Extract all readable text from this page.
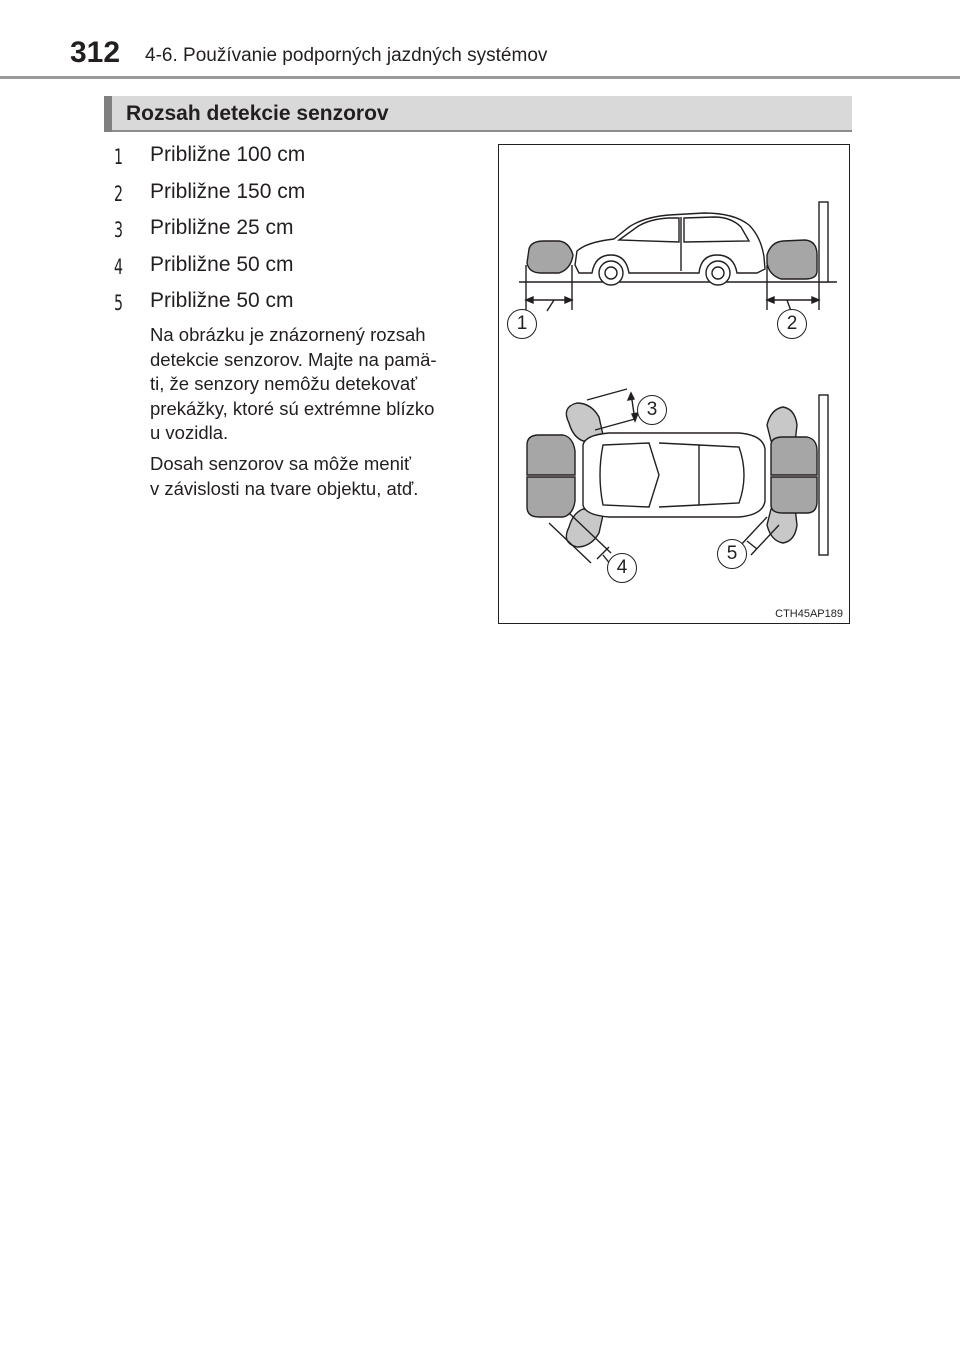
312 4-6. Používanie podporných jazdných systémov
Rozsah detekcie senzorov
1 Približne 100 cm
2 Približne 150 cm
3 Približne 25 cm
4 Približne 50 cm
5 Približne 50 cm
Na obrázku je znázornený rozsah
detekcie senzorov. Majte na pamä-
ti, že senzory nemôžu detekovať
prekážky, ktoré sú extrémne blízko
u vozidla.
Dosah senzorov sa môže meniť
v závislosti na tvare objektu, atď.
1	2
3
4
5
CTH45AP189
